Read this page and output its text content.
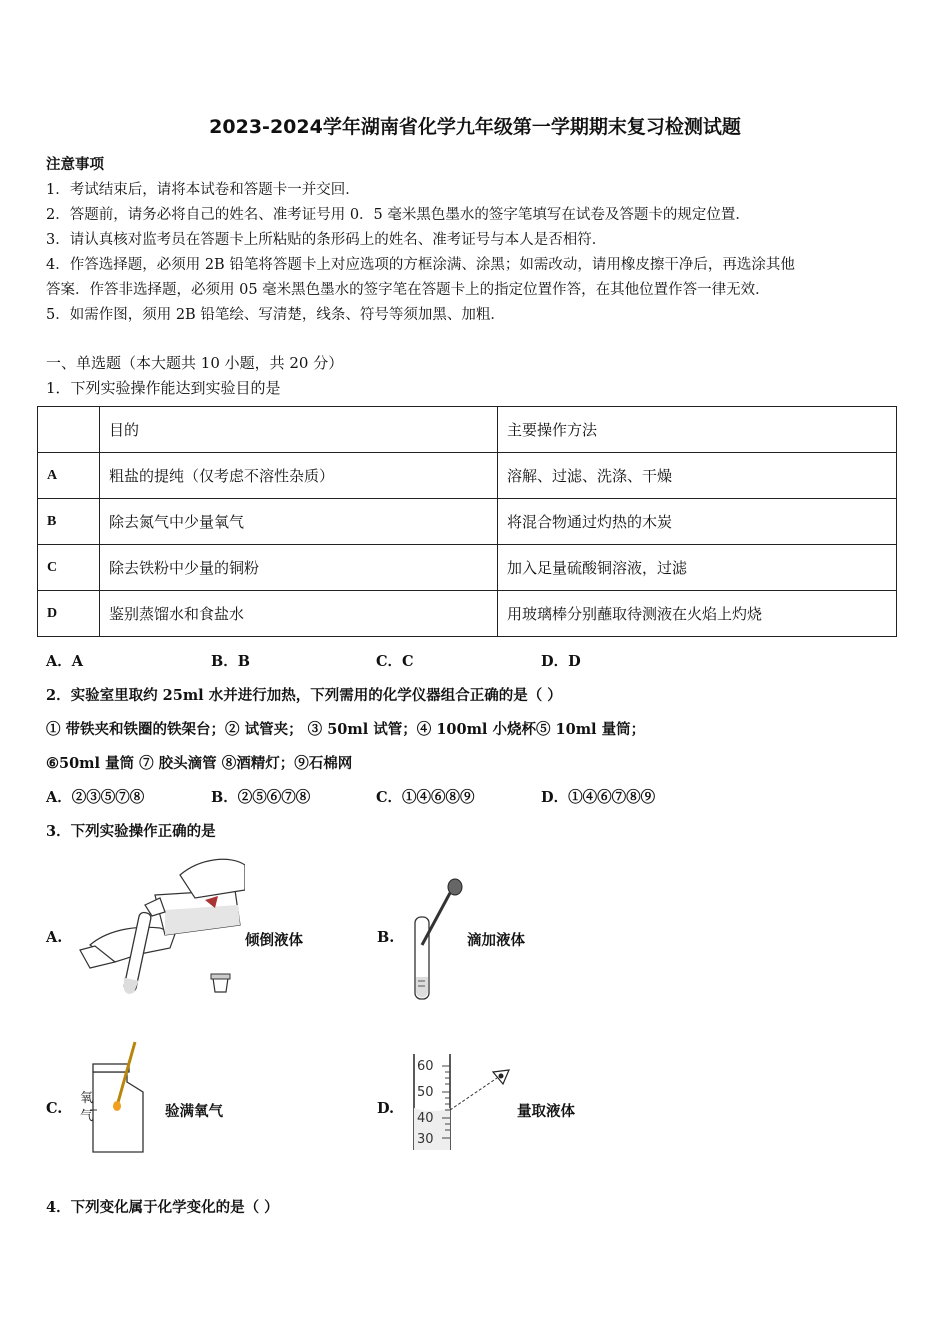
2023-2024学年湖南省化学九年级第一学期期末复习检测试题
注意事项
1．考试结束后，请将本试卷和答题卡一并交回．
2．答题前，请务必将自己的姓名、准考证号用 0．5 毫米黑色墨水的签字笔填写在试卷及答题卡的规定位置．
3．请认真核对监考员在答题卡上所粘贴的条形码上的姓名、准考证号与本人是否相符．
4．作答选择题，必须用 2B 铅笔将答题卡上对应选项的方框涂满、涂黑；如需改动，请用橡皮擦干净后，再选涂其他
答案．作答非选择题，必须用 05 毫米黑色墨水的签字笔在答题卡上的指定位置作答，在其他位置作答一律无效．
5．如需作图，须用 2B 铅笔绘、写清楚，线条、符号等须加黑、加粗．
一、单选题（本大题共 10 小题，共 20 分）
1．下列实验操作能达到实验目的是
	目的	主要操作方法
A	粗盐的提纯（仅考虑不溶性杂质）	溶解、过滤、洗涤、干燥
B	除去氮气中少量氧气	将混合物通过灼热的木炭
C	除去铁粉中少量的铜粉	加入足量硫酸铜溶液，过滤
D	鉴别蒸馏水和食盐水	用玻璃棒分别蘸取待测液在火焰上灼烧
A．A	B．B	C．C	D．D
2．实验室里取约 25ml 水并进行加热，下列需用的化学仪器组合正确的是（ ）
① 带铁夹和铁圈的铁架台；② 试管夹； ③ 50ml 试管；④ 100ml 小烧杯⑤ 10ml 量筒；
⑥50ml 量筒 ⑦ 胶头滴管 ⑧酒精灯；⑨石棉网
A．②③⑤⑦⑧	B．②⑤⑥⑦⑧	C．①④⑥⑧⑨	D．①④⑥⑦⑧⑨
3．下列实验操作正确的是
A.	倾倒液体	B.	滴加液体
C.
氧
气	验满氧气	D.
60
50
40
30
量取液体
4．下列变化属于化学变化的是（ ）
